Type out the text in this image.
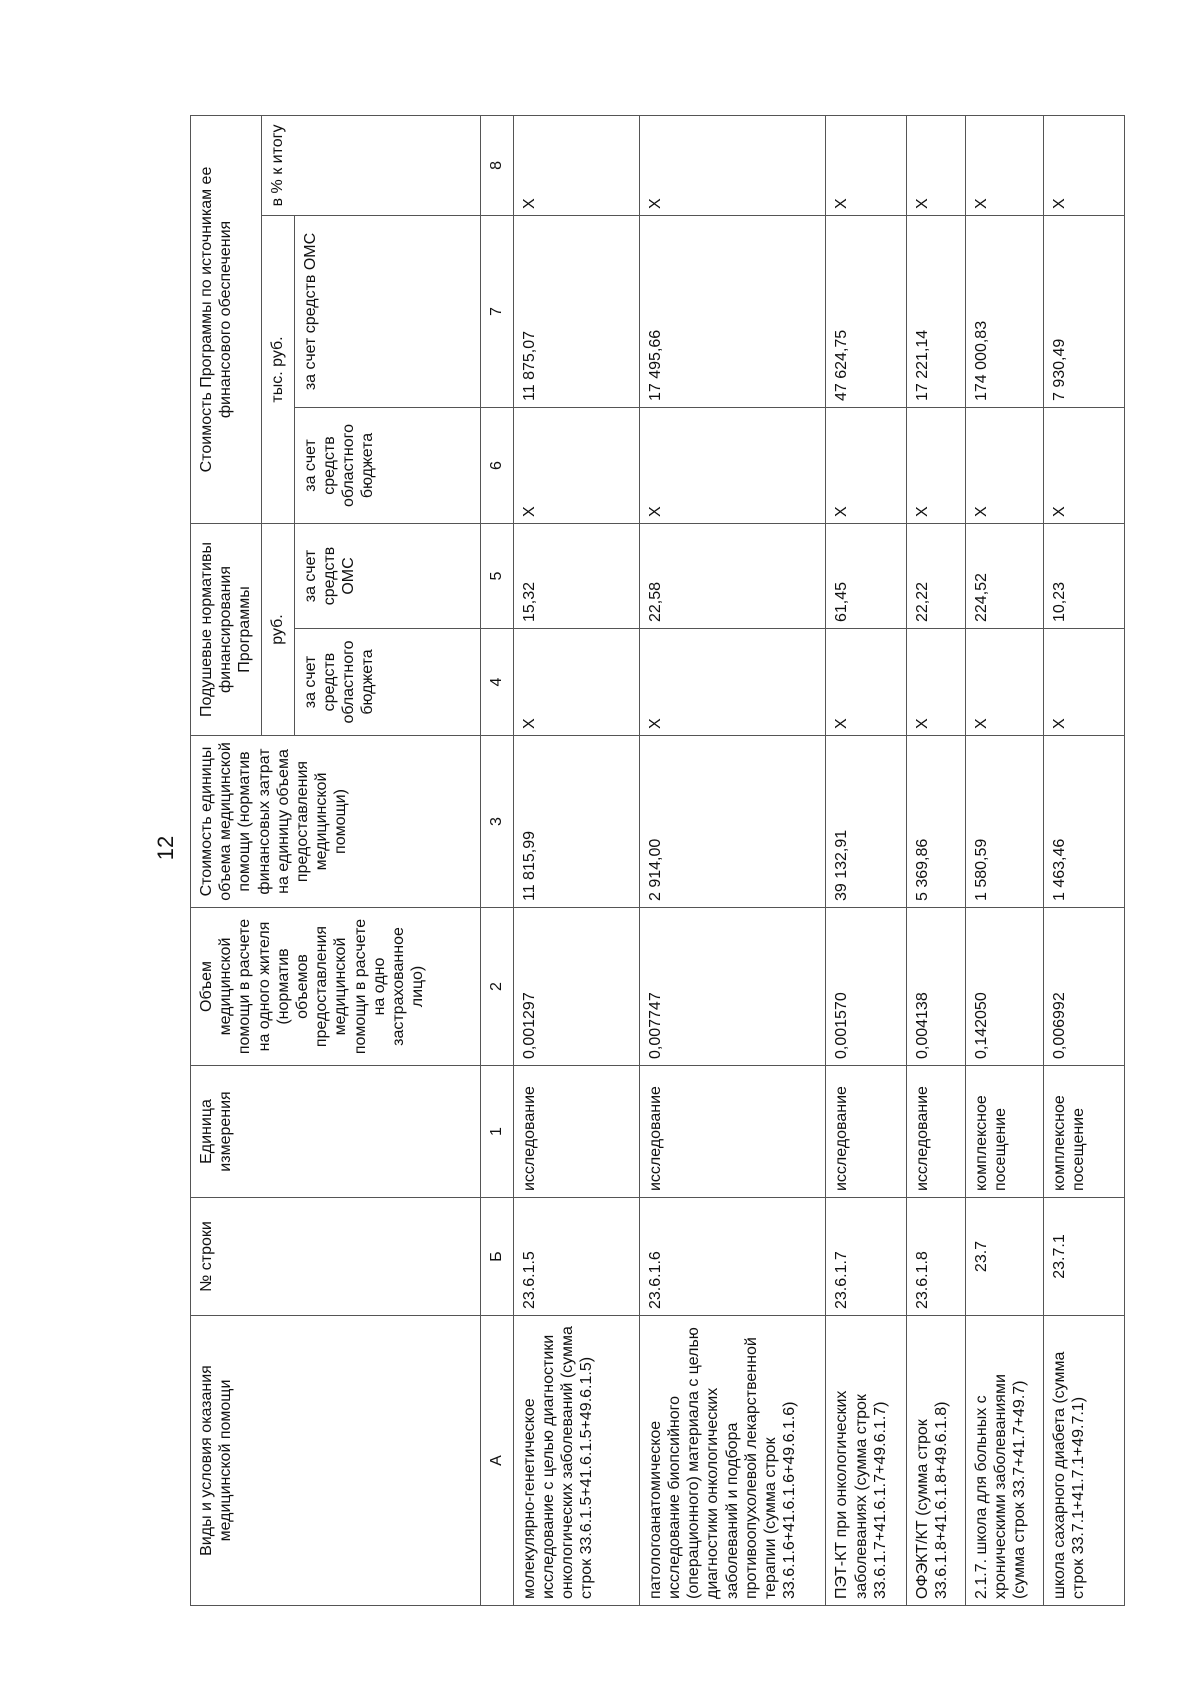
12
Виды и условия оказания медицинской помощи	№ строки	Единица измерения	Объем медицинской помощи в расчете на одного жителя (норматив объемов предоставления медицинской помощи в расчете на одно застрахованное лицо)	Стоимость единицы объема медицинской помощи (норматив финансовых затрат на единицу объема предоставления медицинской помощи)	Подушевые нормативы финансирования Программы		Стоимость Программы по источникам ее финансового обеспечения		
					руб.		тыс. руб.		в % к итогу
					за счет средств областного бюджета	за счет средств ОМС	за счет средств областного бюджета	за счет средств ОМС	
А	Б	1	2	3	4	5	6	7	8
молекулярно-генетическое исследование с целью диагностики онкологических заболеваний (сумма строк 33.6.1.5+41.6.1.5+49.6.1.5)	23.6.1.5	исследование	0,001297	11 815,99	X	15,32	X	11 875,07	X
патологоанатомическое исследование биопсийного (операционного) материала с целью диагностики онкологических заболеваний и подбора противоопухолевой лекарственной терапии (сумма строк 33.6.1.6+41.6.1.6+49.6.1.6)	23.6.1.6	исследование	0,007747	2 914,00	X	22,58	X	17 495,66	X
ПЭТ-КТ при онкологических заболеваниях (сумма строк 33.6.1.7+41.6.1.7+49.6.1.7)	23.6.1.7	исследование	0,001570	39 132,91	X	61,45	X	47 624,75	X
ОФЭКТ/КТ (сумма строк 33.6.1.8+41.6.1.8+49.6.1.8)	23.6.1.8	исследование	0,004138	5 369,86	X	22,22	X	17 221,14	X
2.1.7. школа для больных с хроническими заболеваниями (сумма строк 33.7+41.7+49.7)	23.7	комплексное посещение	0,142050	1 580,59	X	224,52	X	174 000,83	X
школа сахарного диабета (сумма строк 33.7.1+41.7.1+49.7.1)	23.7.1	комплексное посещение	0,006992	1 463,46	X	10,23	X	7 930,49	X
